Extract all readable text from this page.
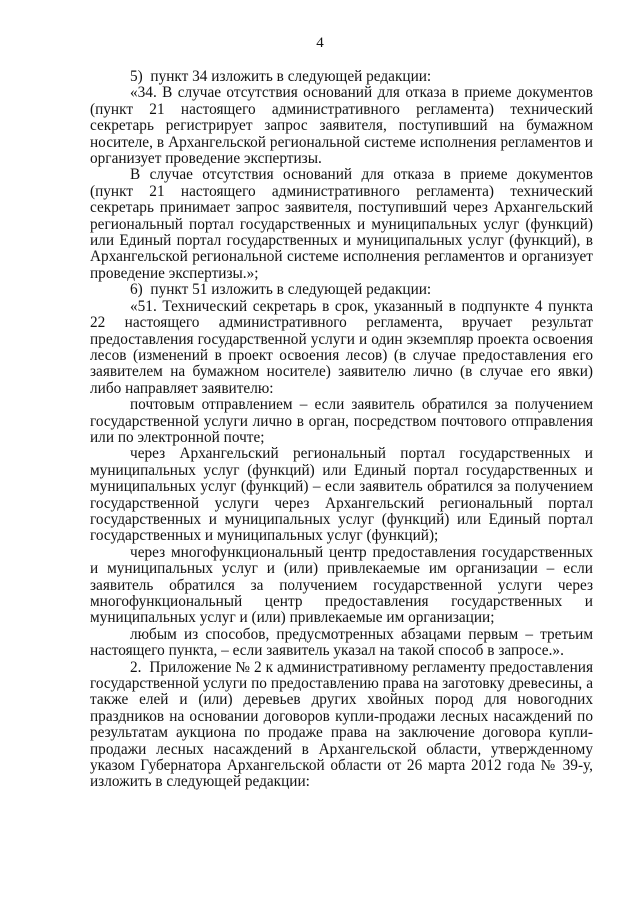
4

5)  пункт 34 изложить в следующей редакции:

«34. В случае отсутствия оснований для отказа в приеме документов (пункт 21 настоящего административного регламента) технический секретарь регистрирует запрос заявителя, поступивший на бумажном носителе, в Архангельской региональной системе исполнения регламентов и организует проведение экспертизы.

В случае отсутствия оснований для отказа в приеме документов (пункт 21 настоящего административного регламента) технический секретарь принимает запрос заявителя, поступивший через Архангельский региональный портал государственных и муниципальных услуг (функций) или Единый портал государственных и муниципальных услуг (функций), в Архангельской региональной системе исполнения регламентов и организует проведение экспертизы.»;

6)  пункт 51 изложить в следующей редакции:

«51. Технический секретарь в срок, указанный в подпункте 4 пункта 22 настоящего административного регламента, вручает результат предоставления государственной услуги и один экземпляр проекта освоения лесов (изменений в проект освоения лесов) (в случае предоставления его заявителем на бумажном носителе) заявителю лично (в случае его явки) либо направляет заявителю:

почтовым отправлением – если заявитель обратился за получением государственной услуги лично в орган, посредством почтового отправления или по электронной почте;

через Архангельский региональный портал государственных и муниципальных услуг (функций) или Единый портал государственных и муниципальных услуг (функций) – если заявитель обратился за получением государственной услуги через Архангельский региональный портал государственных и муниципальных услуг (функций) или Единый портал государственных и муниципальных услуг (функций);

через многофункциональный центр предоставления государственных и муниципальных услуг и (или) привлекаемые им организации – если заявитель обратился за получением государственной услуги через многофункциональный центр предоставления государственных и муниципальных услуг и (или) привлекаемые им организации;

любым из способов, предусмотренных абзацами первым – третьим настоящего пункта, – если заявитель указал на такой способ в запросе.».

2.  Приложение № 2 к административному регламенту предоставления государственной услуги по предоставлению права на заготовку древесины, а также елей и (или) деревьев других хвойных пород для новогодних праздников на основании договоров купли-продажи лесных насаждений по результатам аукциона по продаже права на заключение договора купли-продажи лесных насаждений в Архангельской области, утвержденному указом Губернатора Архангельской области от 26 марта 2012 года № 39-у, изложить в следующей редакции:
